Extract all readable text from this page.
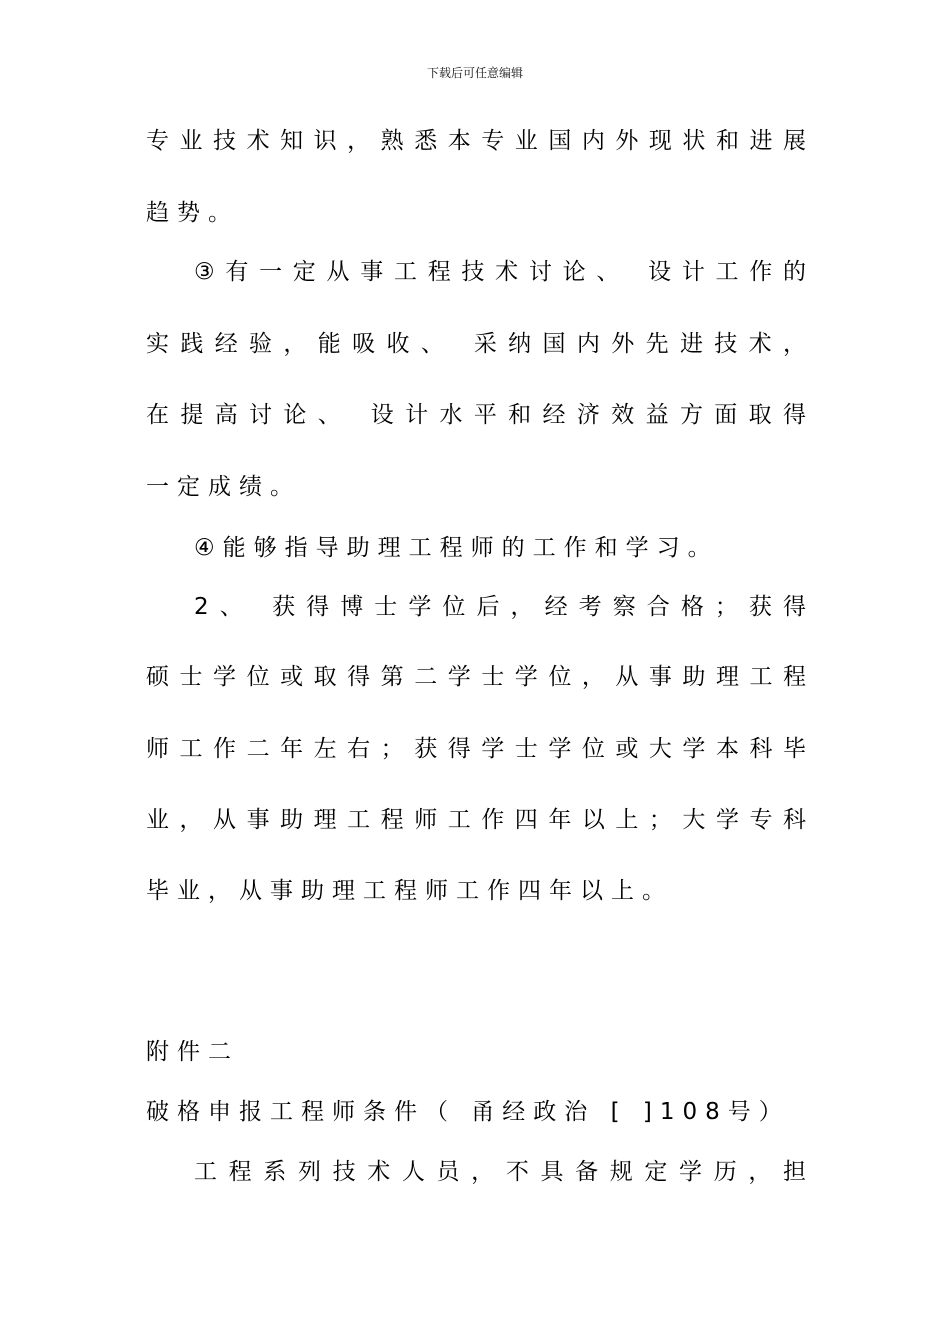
下载后可任意编辑
专业技术知识，熟悉本专业国内外现状和进展
趋势。
③有一定从事工程技术讨论、 设计工作的
实践经验，能吸收、 采纳国内外先进技术，
在提高讨论、 设计水平和经济效益方面取得
一定成绩。
④能够指导助理工程师的工作和学习。
2、 获得博士学位后，经考察合格；获得
硕士学位或取得第二学士学位，从事助理工程
师工作二年左右；获得学士学位或大学本科毕
业，从事助理工程师工作四年以上；大学专科
毕业，从事助理工程师工作四年以上。
附件二
破格申报工程师条件（ 甬经政治 [ ]108号）
工程系列技术人员，不具备规定学历，担
